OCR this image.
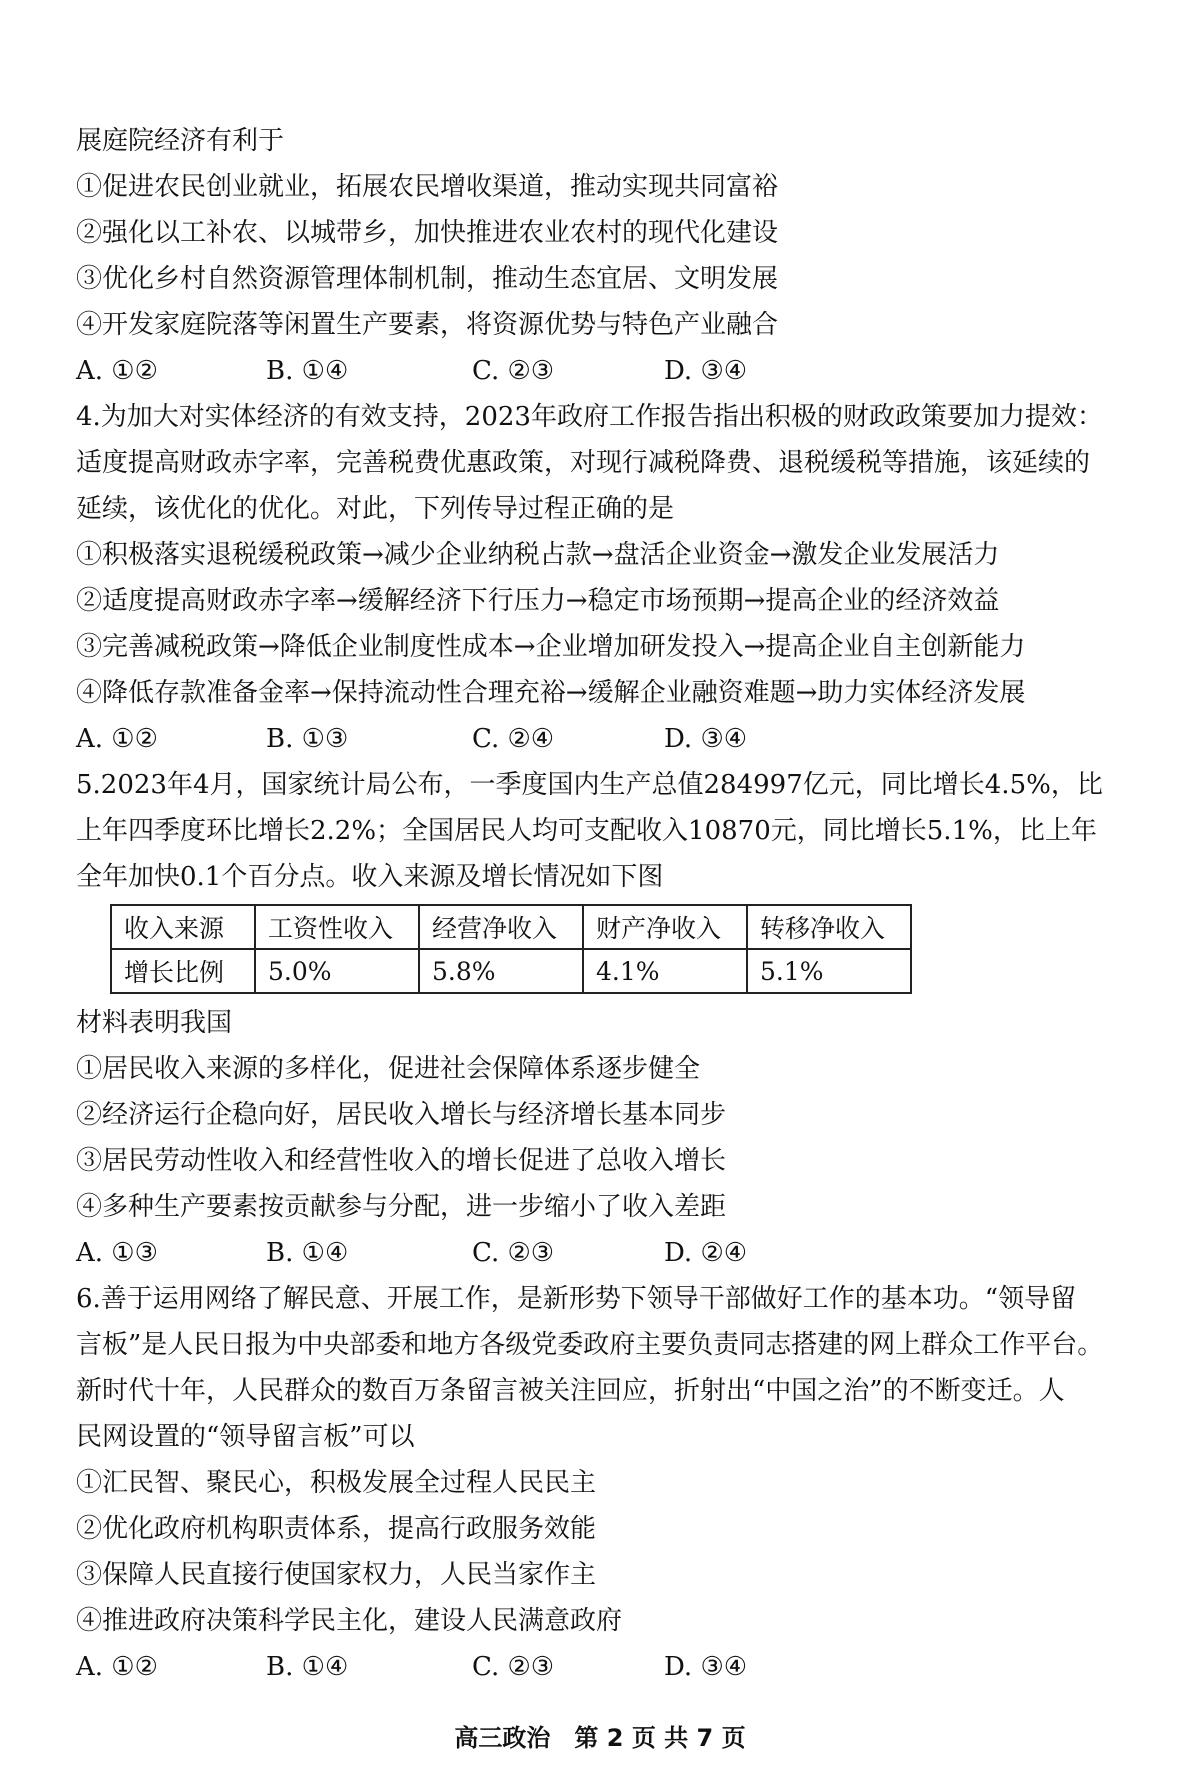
展庭院经济有利于
①促进农民创业就业，拓展农民增收渠道，推动实现共同富裕
②强化以工补农、以城带乡，加快推进农业农村的现代化建设
③优化乡村自然资源管理体制机制，推动生态宜居、文明发展
④开发家庭院落等闲置生产要素，将资源优势与特色产业融合
A. ①②	B. ①④	C. ②③	D. ③④
4.为加大对实体经济的有效支持，2023年政府工作报告指出积极的财政政策要加力提效：
适度提高财政赤字率，完善税费优惠政策，对现行减税降费、退税缓税等措施，该延续的
延续，该优化的优化。对此，下列传导过程正确的是
①积极落实退税缓税政策→减少企业纳税占款→盘活企业资金→激发企业发展活力
②适度提高财政赤字率→缓解经济下行压力→稳定市场预期→提高企业的经济效益
③完善减税政策→降低企业制度性成本→企业增加研发投入→提高企业自主创新能力
④降低存款准备金率→保持流动性合理充裕→缓解企业融资难题→助力实体经济发展
A. ①②	B. ①③	C. ②④	D. ③④
5.2023年4月，国家统计局公布，一季度国内生产总值284997亿元，同比增长4.5%，比
上年四季度环比增长2.2%；全国居民人均可支配收入10870元，同比增长5.1%，比上年
全年加快0.1个百分点。收入来源及增长情况如下图
收入来源	工资性收入	经营净收入	财产净收入	转移净收入
增长比例	5.0%	5.8%	4.1%	5.1%
材料表明我国
①居民收入来源的多样化，促进社会保障体系逐步健全
②经济运行企稳向好，居民收入增长与经济增长基本同步
③居民劳动性收入和经营性收入的增长促进了总收入增长
④多种生产要素按贡献参与分配，进一步缩小了收入差距
A. ①③	B. ①④	C. ②③	D. ②④
6.善于运用网络了解民意、开展工作，是新形势下领导干部做好工作的基本功。“领导留
言板”是人民日报为中央部委和地方各级党委政府主要负责同志搭建的网上群众工作平台。
新时代十年，人民群众的数百万条留言被关注回应，折射出“中国之治”的不断变迁。人
民网设置的“领导留言板”可以
①汇民智、聚民心，积极发展全过程人民民主
②优化政府机构职责体系，提高行政服务效能
③保障人民直接行使国家权力，人民当家作主
④推进政府决策科学民主化，建设人民满意政府
A. ①②	B. ①④	C. ②③	D. ③④
高三政治　第 2 页 共 7 页
